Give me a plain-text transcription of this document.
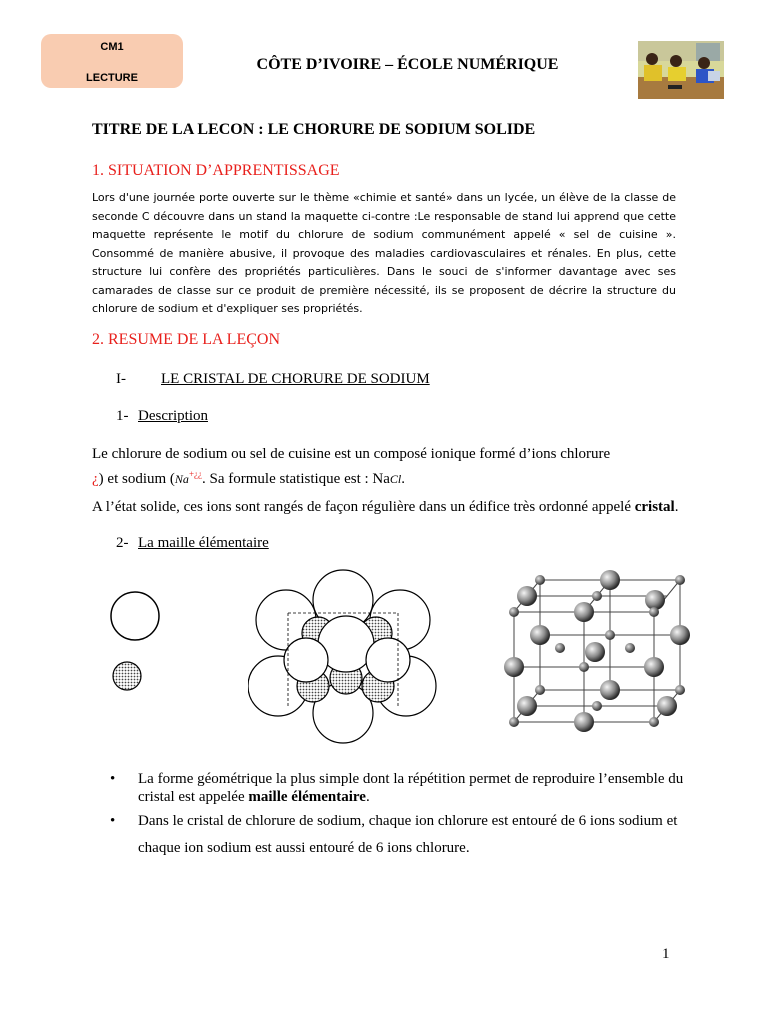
CM1
LECTURE
CÔTE D’IVOIRE – ÉCOLE NUMÉRIQUE
TITRE DE LA LECON : LE CHORURE DE SODIUM SOLIDE
1. SITUATION D’APPRENTISSAGE
Lors d'une journée porte ouverte sur le thème «chimie et santé» dans un lycée, un élève de la classe de seconde C découvre dans un stand la maquette ci-contre :Le responsable de stand lui apprend que cette maquette représente le motif du chlorure de sodium communément appelé « sel de cuisine ». Consommé de manière abusive, il provoque des maladies cardiovasculaires et rénales. En plus, cette structure lui confère des propriétés particulières. Dans le souci de s'informer davantage avec ses camarades de classe sur ce produit de première nécessité, ils se proposent de décrire la structure du chlorure de sodium et d'expliquer ses propriétés.
2. RESUME DE LA LEÇON
I- LE CRISTAL DE CHORURE DE SODIUM
1- Description
Le chlorure de sodium ou sel de cuisine est un composé ionique formé d’ions chlorure
¿) et sodium (Na+¿¿. Sa formule statistique est : NaCl.
A l’état solide, ces ions sont rangés de façon régulière dans un édifice très ordonné appelé cristal.
2- La maille élémentaire
• La forme géométrique la plus simple dont la répétition permet de reproduire l’ensemble du cristal est appelée maille élémentaire.
• Dans le cristal de chlorure de sodium, chaque ion chlorure est entouré de 6 ions sodium et chaque ion sodium est aussi entouré de 6 ions chlorure.
1
